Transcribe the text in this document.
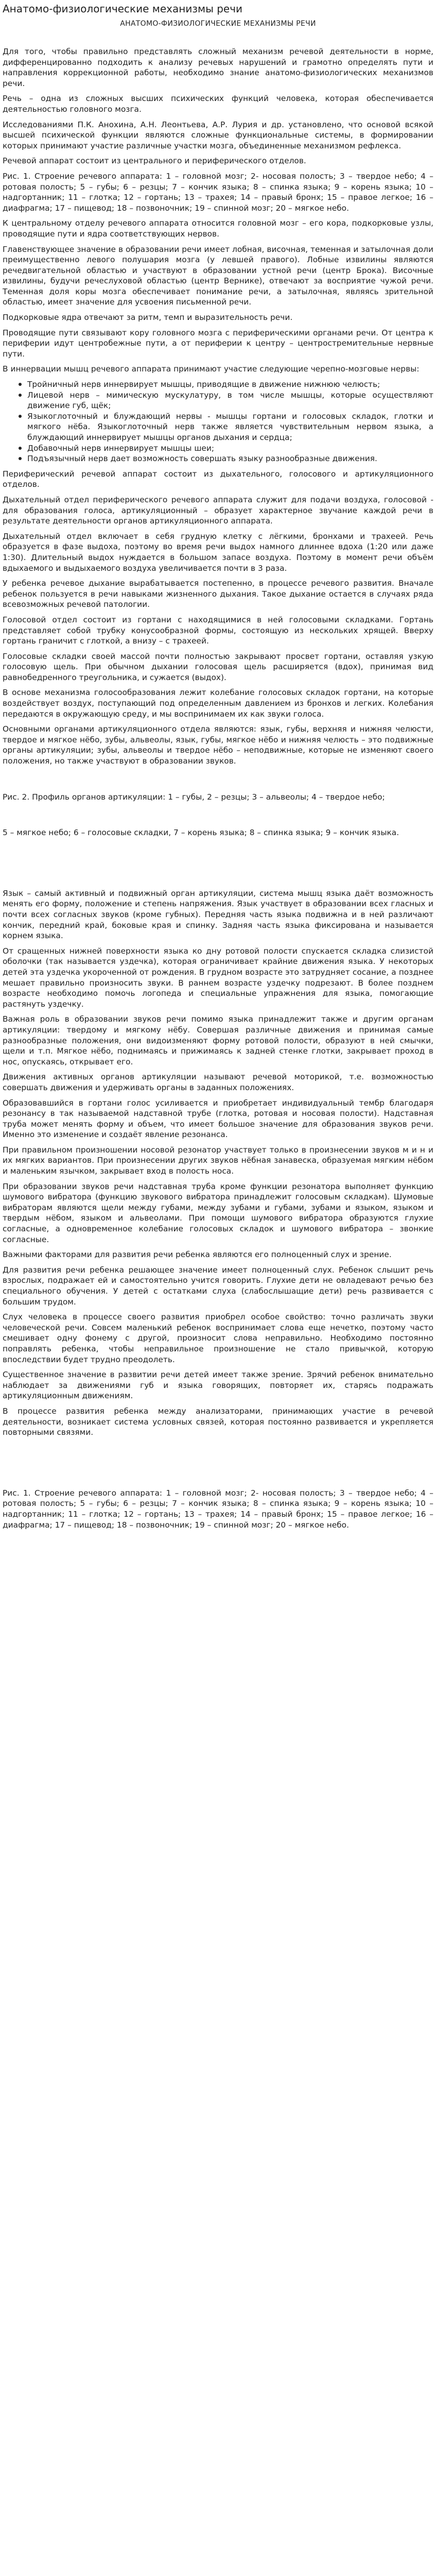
Анатомо-физиологические механизмы речи
АНАТОМО-ФИЗИОЛОГИЧЕСКИЕ МЕХАНИЗМЫ РЕЧИ

Для того, чтобы правильно представлять сложный механизм речевой деятельности в норме, дифференцированно подходить к анализу речевых нарушений и грамотно определять пути и направления коррекционной работы, необходимо знание анатомо-физиологических механизмов речи.

Речь – одна из сложных высших психических функций человека, которая обеспечивается деятельностью головного мозга.

Исследованиями П.К. Анохина, А.Н. Леонтьева, А.Р. Лурия и др. установлено, что основой всякой высшей психической функции являются сложные функциональные системы, в формировании которых принимают участие различные участки мозга, объединенные механизмом рефлекса.

Речевой аппарат состоит из центрального и периферического отделов.

Рис. 1. Строение речевого аппарата: 1 – головной мозг; 2- носовая полость; 3 – твердое небо; 4 – ротовая полость; 5 – губы; 6 – резцы; 7 – кончик языка; 8 – спинка языка; 9 – корень языка; 10 – надгортанник; 11 – глотка; 12 – гортань; 13 – трахея; 14 – правый бронх; 15 – правое легкое; 16 – диафрагма; 17 – пищевод; 18 – позвоночник; 19 – спинной мозг; 20 – мягкое небо.

К центральному отделу речевого аппарата относится головной мозг – его кора, подкорковые узлы, проводящие пути и ядра соответствующих нервов.

Главенствующее значение в образовании речи имеет лобная, височная, теменная и затылочная доли преимущественно левого полушария мозга (у левшей правого). Лобные извилины являются речедвигательной областью и участвуют в образовании устной речи (центр Брока). Височные извилины, будучи речеслуховой областью (центр Верникe), отвечают за восприятие чужой речи. Теменная доля коры мозга обеспечивает понимание речи, а затылочная, являясь зрительной областью, имеет значение для усвоения письменной речи.

Подкорковые ядра отвечают за ритм, темп и выразительность речи.

Проводящие пути связывают кору головного мозга с периферическими органами речи. От центра к периферии идут центробежные пути, а от периферии к центру – центростремительные нервные пути.

В иннервации мышц речевого аппарата принимают участие следующие черепно-мозговые нервы:

Тройничный нерв иннервирует мышцы, приводящие в движение нижнюю челюсть;
Лицевой нерв – мимическую мускулатуру, в том числе мышцы, которые осуществляют движение губ, щёк;
Языкоглоточный и блуждающий нервы - мышцы гортани и голосовых складок, глотки и мягкого нёба. Языкоглоточный нерв также является чувствительным нервом языка, а блуждающий иннервирует мышцы органов дыхания и сердца;
Добавочный нерв иннервирует мышцы шеи;
Подъязычный нерв дает возможность совершать языку разнообразные движения.

Периферический речевой аппарат состоит из дыхательного, голосового и артикуляционного отделов.

Дыхательный отдел периферического речевого аппарата служит для подачи воздуха, голосовой - для образования голоса, артикуляционный – образует характерное звучание каждой речи в результате деятельности органов артикуляционного аппарата.

Дыхательный отдел включает в себя грудную клетку с лёгкими, бронхами и трахеей. Речь образуется в фазе выдоха, поэтому во время речи выдох намного длиннее вдоха (1:20 или даже 1:30). Длительный выдох нуждается в большом запасе воздуха. Поэтому в момент речи объём вдыхаемого и выдыхаемого воздуха увеличивается почти в 3 раза.

У ребенка речевое дыхание вырабатывается постепенно, в процессе речевого развития. Вначале ребенок пользуется в речи навыками жизненного дыхания. Такое дыхание остается в случаях ряда всевозможных речевой патологии.

Голосовой отдел состоит из гортани с находящимися в ней голосовыми складками. Гортань представляет собой трубку конусообразной формы, состоящую из нескольких хрящей. Вверху гортань граничит с глоткой, а внизу – с трахеей.

Голосовые складки своей массой почти полностью закрывают просвет гортани, оставляя узкую голосовую щель. При обычном дыхании голосовая щель расширяется (вдох), принимая вид равнобедренного треугольника, и сужается (выдох).

В основе механизма голосообразования лежит колебание голосовых складок гортани, на которые воздействует воздух, поступающий под определенным давлением из бронхов и легких. Колебания передаются в окружающую среду, и мы воспринимаем их как звуки голоса.

Основными органами артикуляционного отдела являются: язык, губы, верхняя и нижняя челюсти, твердое и мягкое нёбо, зубы, альвеолы, язык, губы, мягкое нёбо и нижняя челюсть – это подвижные органы артикуляции; зубы, альвеолы и твердое нёбо – неподвижные, которые не изменяют своего положения, но также участвуют в образовании звуков.

Рис. 2. Профиль органов артикуляции: 1 – губы, 2 – резцы; 3 – альвеолы; 4 – твердое небо;

5 – мягкое небо; 6 – голосовые складки, 7 – корень языка; 8 – спинка языка; 9 – кончик языка.

Язык – самый активный и подвижный орган артикуляции, система мышц языка даёт возможность менять его форму, положение и степень напряжения. Язык участвует в образовании всех гласных и почти всех согласных звуков (кроме губных). Передняя часть языка подвижна и в ней различают кончик, передний край, боковые края и спинку. Задняя часть языка фиксирована и называется корнем языка.

От сращенных нижней поверхности языка ко дну ротовой полости спускается складка слизистой оболочки (так называется уздечка), которая ограничивает крайние движения языка. У некоторых детей эта уздечка укороченной от рождения. В грудном возрасте это затрудняет сосание, а позднее мешает правильно произносить звуки. В раннем возрасте уздечку подрезают. В более позднем возрасте необходимо помочь логопеда и специальные упражнения для языка, помогающие растянуть уздечку.

Важная роль в образовании звуков речи помимо языка принадлежит также и другим органам артикуляции: твердому и мягкому нёбу. Совершая различные движения и принимая самые разнообразные положения, они видоизменяют форму ротовой полости, образуют в ней смычки, щели и т.п. Мягкое нёбо, поднимаясь и прижимаясь к задней стенке глотки, закрывает проход в нос, опускаясь, открывает его.

Движения активных органов артикуляции называют речевой моторикой, т.е. возможностью совершать движения и удерживать органы в заданных положениях.

Образовавшийся в гортани голос усиливается и приобретает индивидуальный тембр благодаря резонансу в так называемой надставной трубе (глотка, ротовая и носовая полости). Надставная труба может менять форму и объем, что имеет большое значение для образования звуков речи. Именно это изменение и создаёт явление резонанса.

При правильном произношении носовой резонатор участвует только в произнесении звуков м и н и их мягких вариантов. При произнесении других звуков нёбная занавеска, образуемая мягким нёбом и маленьким язычком, закрывает вход в полость носа.

При образовании звуков речи надставная труба кроме функции резонатора выполняет функцию шумового вибратора (функцию звукового вибратора принадлежит голосовым складкам). Шумовые вибраторам являются щели между губами, между зубами и губами, зубами и языком, языком и твердым нёбом, языком и альвеолами. При помощи шумового вибратора образуются глухие согласные, а одновременное колебание голосовых складок и шумового вибратора – звонкие согласные.

Важными факторами для развития речи ребенка являются его полноценный слух и зрение.

Для развития речи ребенка решающее значение имеет полноценный слух. Ребенок слышит речь взрослых, подражает ей и самостоятельно учится говорить. Глухие дети не овладевают речью без специального обучения. У детей с остатками слуха (слабослышащие дети) речь развивается с большим трудом.

Слух человека в процессе своего развития приобрел особое свойство: точно различать звуки человеческой речи. Совсем маленький ребенок воспринимает слова еще нечетко, поэтому часто смешивает одну фонему с другой, произносит слова неправильно. Необходимо постоянно поправлять ребенка, чтобы неправильное произношение не стало привычкой, которую впоследствии будет трудно преодолеть.

Существенное значение в развитии речи детей имеет также зрение. Зрячий ребенок внимательно наблюдает за движениями губ и языка говорящих, повторяет их, старясь подражать артикуляционным движениям.

В процессе развития ребенка между анализаторами, принимающих участие в речевой деятельности, возникает система условных связей, которая постоянно развивается и укрепляется повторными связями.

Рис. 1. Строение речевого аппарата: 1 – головной мозг; 2- носовая полость; 3 – твердое небо; 4 – ротовая полость; 5 – губы; 6 – резцы; 7 – кончик языка; 8 – спинка языка; 9 – корень языка; 10 – надгортанник; 11 – глотка; 12 – гортань; 13 – трахея; 14 – правый бронх; 15 – правое легкое; 16 – диафрагма; 17 – пищевод; 18 – позвоночник; 19 – спинной мозг; 20 – мягкое небо.
